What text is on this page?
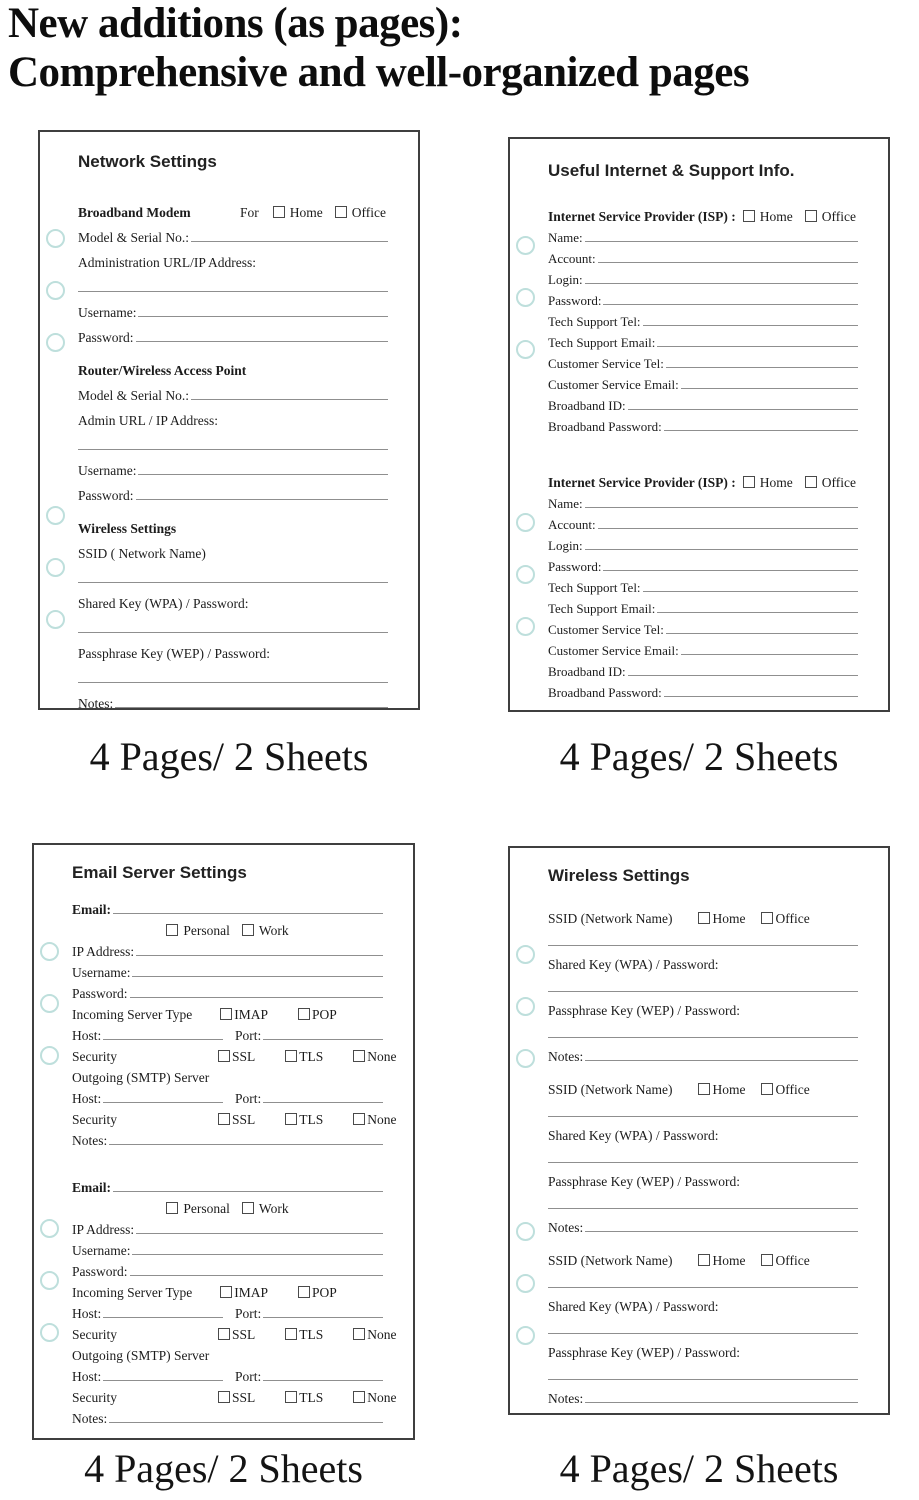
New additions (as pages):
Comprehensive and well-organized pages
Network Settings
Broadband Modem	For Home Office
Model & Serial No.:
Administration URL/IP Address:
Username:
Password:
Router/Wireless Access Point
Model & Serial No.:
Admin URL / IP Address:
Username:
Password:
Wireless Settings
SSID ( Network Name)
Shared Key (WPA) / Password:
Passphrase Key (WEP) / Password:
Notes:
Useful Internet & Support Info.
Internet Service Provider (ISP) : Home Office
Name:
Account:
Login:
Password:
Tech Support Tel:
Tech Support Email:
Customer Service Tel:
Customer Service Email:
Broadband ID:
Broadband Password:
Internet Service Provider (ISP) : Home Office
Name:
Account:
Login:
Password:
Tech Support Tel:
Tech Support Email:
Customer Service Tel:
Customer Service Email:
Broadband ID:
Broadband Password:
4 Pages/ 2 Sheets	4 Pages/ 2 Sheets
Email Server Settings
Email:
Personal Work
IP Address:
Username:
Password:
Incoming Server Type	IMAP	POP
Host:	Port:
Security	SSL	TLS	None
Outgoing (SMTP) Server
Host:	Port:
Security	SSL	TLS	None
Notes:
Email:
Personal Work
IP Address:
Username:
Password:
Incoming Server Type	IMAP	POP
Host:	Port:
Security	SSL	TLS	None
Outgoing (SMTP) Server
Host:	Port:
Security	SSL	TLS	None
Notes:
Wireless Settings
SSID (Network Name)	Home Office
Shared Key (WPA) / Password:
Passphrase Key (WEP) / Password:
Notes:
SSID (Network Name)	Home Office
Shared Key (WPA) / Password:
Passphrase Key (WEP) / Password:
Notes:
SSID (Network Name)	Home Office
Shared Key (WPA) / Password:
Passphrase Key (WEP) / Password:
Notes:
4 Pages/ 2 Sheets	4 Pages/ 2 Sheets
